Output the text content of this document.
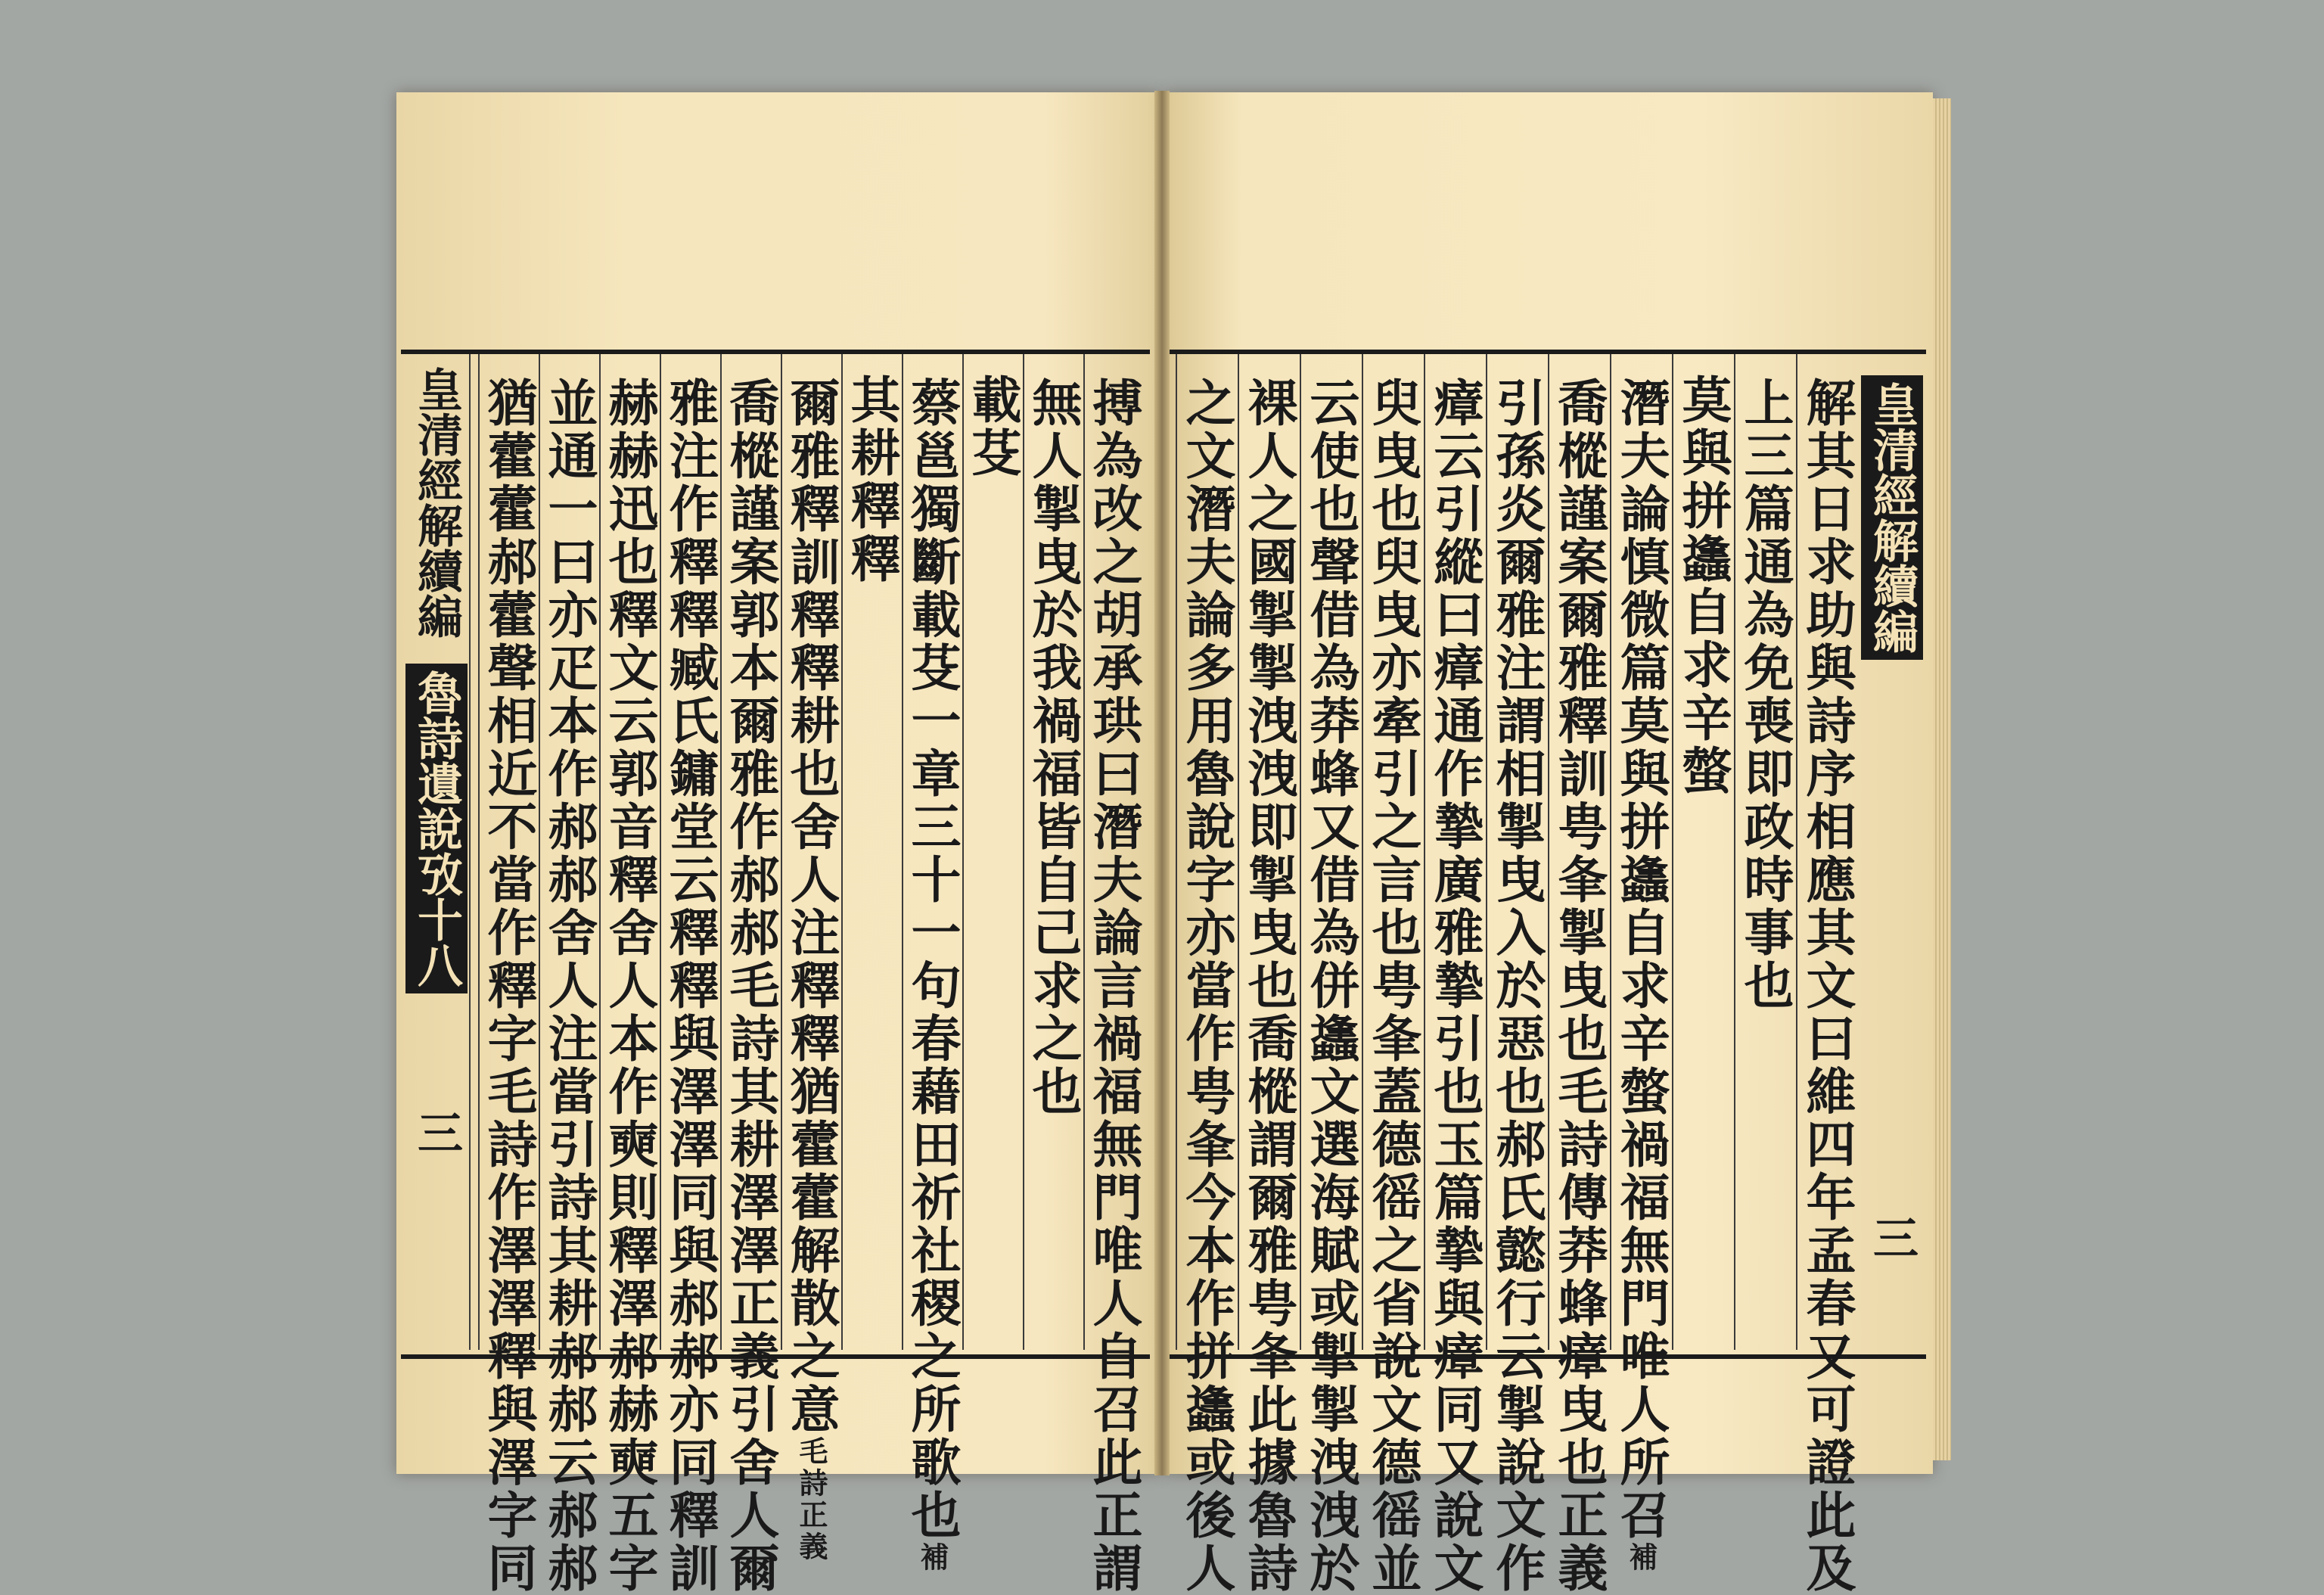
皇清經解續編 魯詩遺說攷十八 三	搏為改之胡承珙曰潛夫論言禍福無門唯人自召此正謂
無人掣曳於我禍福皆自己求之也
載芟
蔡邕獨斷載芟一章三十一句春藉田祈社稷之所歌也補
其耕釋釋
爾雅釋訓釋釋耕也舍人注釋釋猶藿藿解散之意毛詩正義
喬樅謹案郭本爾雅作郝郝毛詩其耕澤澤正義引舍人爾
雅注作釋釋臧氏鏞堂云釋釋與澤澤同與郝郝亦同釋訓
赫赫迅也釋文云郭音釋舍人本作奭則釋澤郝赫奭五字
並通一曰亦疋本作郝郝舍人注當引詩其耕郝郝云郝郝	皇清經解續編 三
解其日求助與詩序相應其文曰維四年孟春又可證此及
上三篇通為免喪即政時事也
莫與拼蠭自求辛螫
潛夫論慎微篇莫與拼蠭自求辛螫禍福無門唯人所召補
喬樅謹案爾雅釋訓甹夆掣曳也毛詩傳莽蜂瘴曳也正義
引孫炎爾雅注謂相掣曳入於惡也郝氏懿行云掣說文作
瘴云引縱曰瘴通作摯廣雅摯引也玉篇摯與瘴同又說文
臾曳也臾曳亦牽引之言也甹夆蓋德徭之省說文德徭並
云使也聲借為莽蜂又借為併蠭文選海賦或掣掣洩洩於
裸人之國掣掣洩洩即掣曳也喬樅謂爾雅甹夆此據魯詩
之文潛夫論多用魯說字亦當作甹夆今本作拼蠭或後人
猶藿藿郝藿聲相近不當作釋字毛詩作澤澤釋與澤字同
